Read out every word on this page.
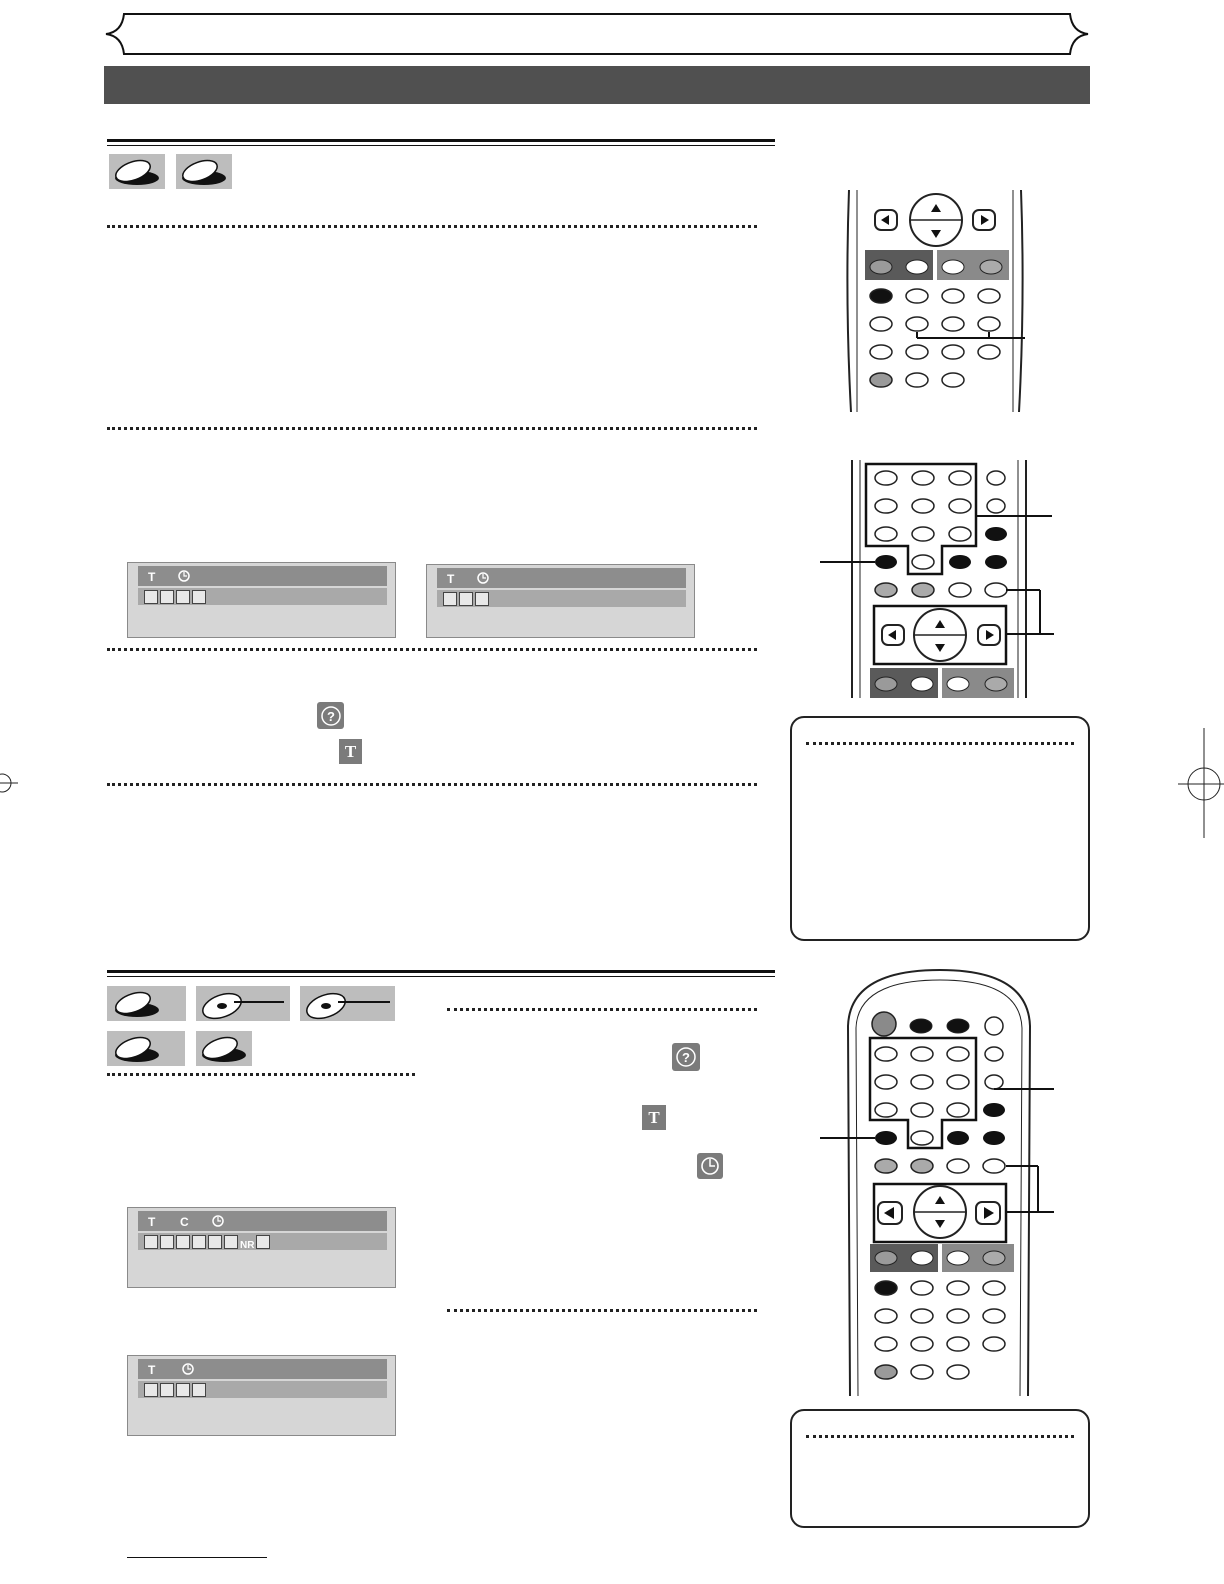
T	T
?
T
?
T
T C
NR
T
